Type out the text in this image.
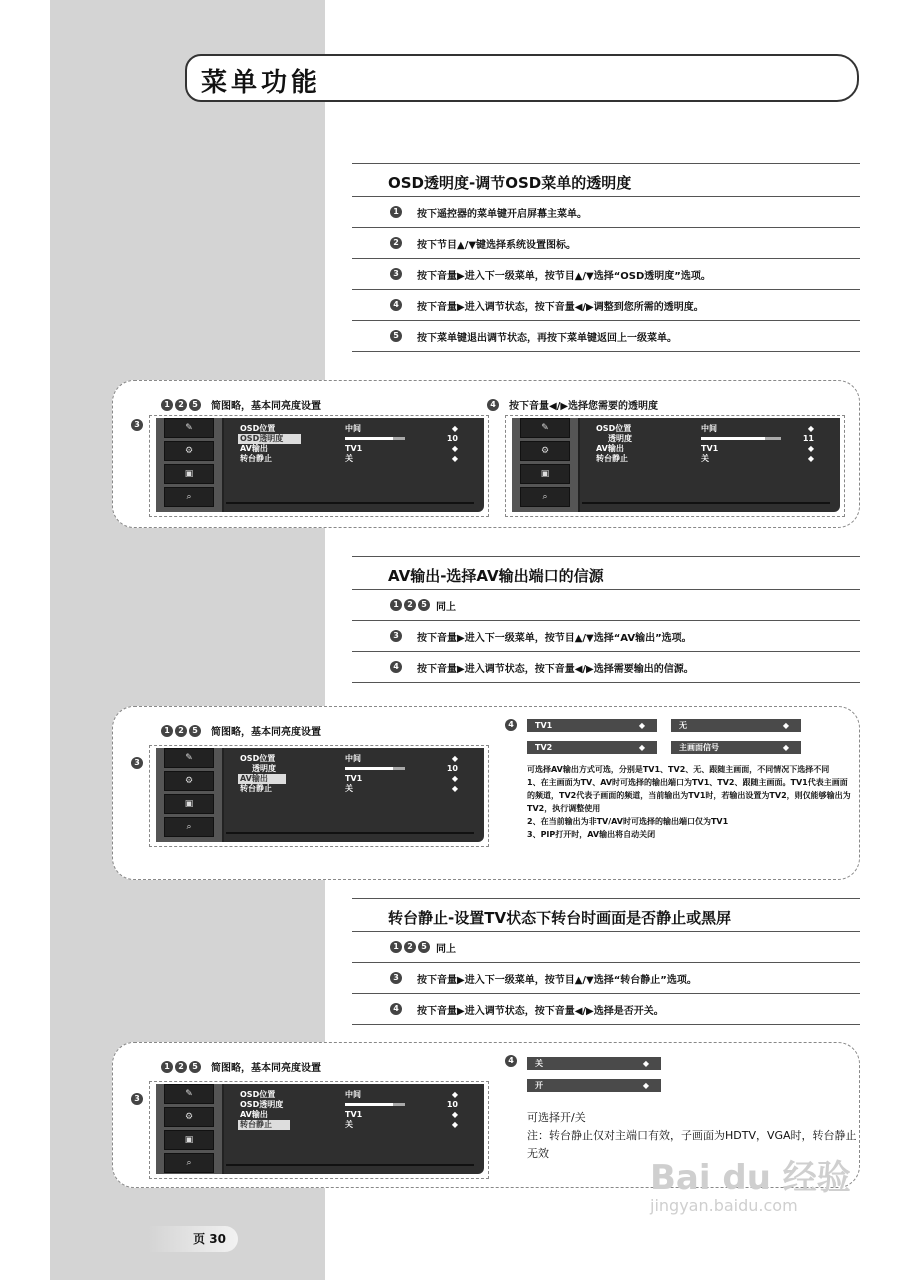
菜单功能
OSD透明度-调节OSD菜单的透明度
1	按下遥控器的菜单键开启屏幕主菜单。
2	按下节目▲/▼键选择系统设置图标。
3	按下音量▶进入下一级菜单，按节目▲/▼选择“OSD透明度”选项。
4	按下音量▶进入调节状态，按下音量◀/▶调整到您所需的透明度。
5	按下菜单键退出调节状态，再按下菜单键返回上一级菜单。
1	2	5	简图略，基本同亮度设置	4	按下音量◀/▶选择您需要的透明度
3	✎
⚙
▣
⌕
OSD位置	中间	◆
OSD透明度	10
AV输出	TV1	◆
转台静止	关	◆
✎
⚙
▣
⌕
OSD位置	中间	◆
透明度	11
AV输出	TV1	◆
转台静止	关	◆
AV输出-选择AV输出端口的信源
1	2	5 同上
3	按下音量▶进入下一级菜单，按节目▲/▼选择“AV输出”选项。
4	按下音量▶进入调节状态，按下音量◀/▶选择需要输出的信源。
1	2	5	简图略，基本同亮度设置
3	✎
⚙
▣
⌕
OSD位置	中间	◆
透明度	10
AV输出	TV1	◆
转台静止	关	◆
4	TV1	◆	无	◆
TV2	◆	主画面信号	◆
可选择AV输出方式可选，分别是TV1、TV2、无、跟随主画面，不同情况下选择不同
1、在主画面为TV、AV时可选择的输出端口为TV1、TV2、跟随主画面。TV1代表主画面的频道，TV2代表子画面的频道，当前输出为TV1时，若输出设置为TV2，则仅能够输出为TV2，执行调整使用
2、在当前输出为非TV/AV时可选择的输出端口仅为TV1
3、PIP打开时，AV输出将自动关闭
转台静止-设置TV状态下转台时画面是否静止或黑屏
1	2	5 同上
3	按下音量▶进入下一级菜单，按节目▲/▼选择“转台静止”选项。
4	按下音量▶进入调节状态，按下音量◀/▶选择是否开关。
1	2	5	简图略，基本同亮度设置
3	✎
⚙
▣
⌕
OSD位置	中间	◆
OSD透明度	10
AV输出	TV1	◆
转台静止	关	◆
4	关	◆
开	◆
可选择开/关
注：转台静止仅对主端口有效，子画面为HDTV，VGA时，转台静止无效
页 30
Bai du 经验
jingyan.baidu.com
